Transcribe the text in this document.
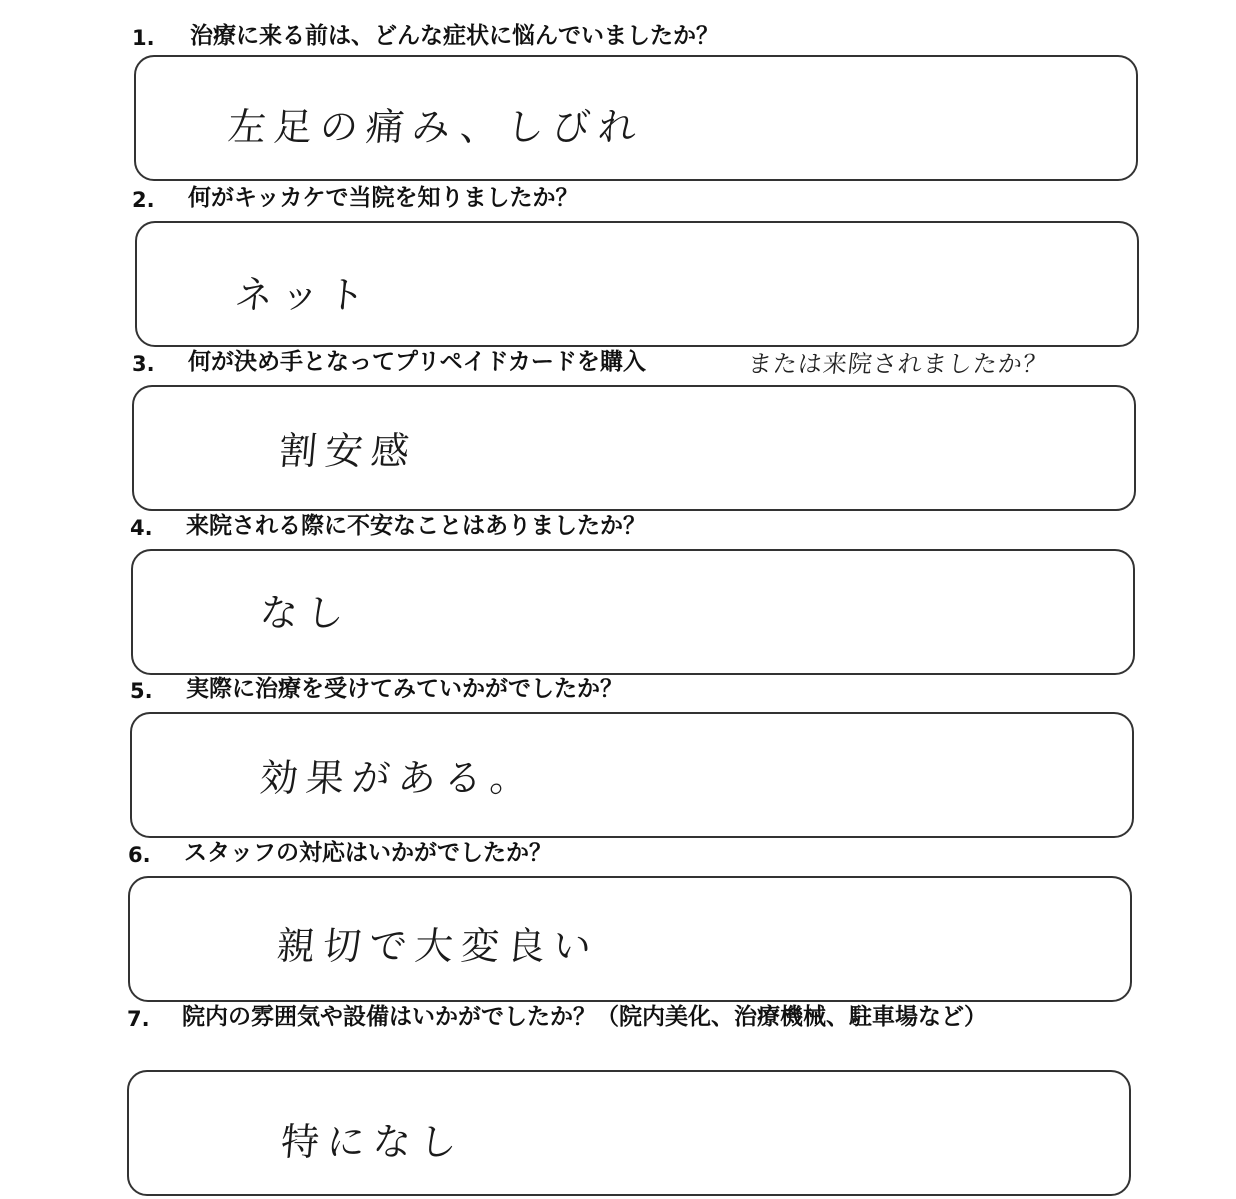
1. 治療に来る前は、どんな症状に悩んでいましたか？
左足の痛み、しびれ
2. 何がキッカケで当院を知りましたか？
ネット
3. 何が決め手となってプリペイドカードを購入	または来院されましたか？
割安感
4. 来院される際に不安なことはありましたか？
なし
5. 実際に治療を受けてみていかがでしたか？
効果がある。
6. スタッフの対応はいかがでしたか？
親切で大変良い
7. 院内の雰囲気や設備はいかがでしたか？（院内美化、治療機械、駐車場など）
特になし
